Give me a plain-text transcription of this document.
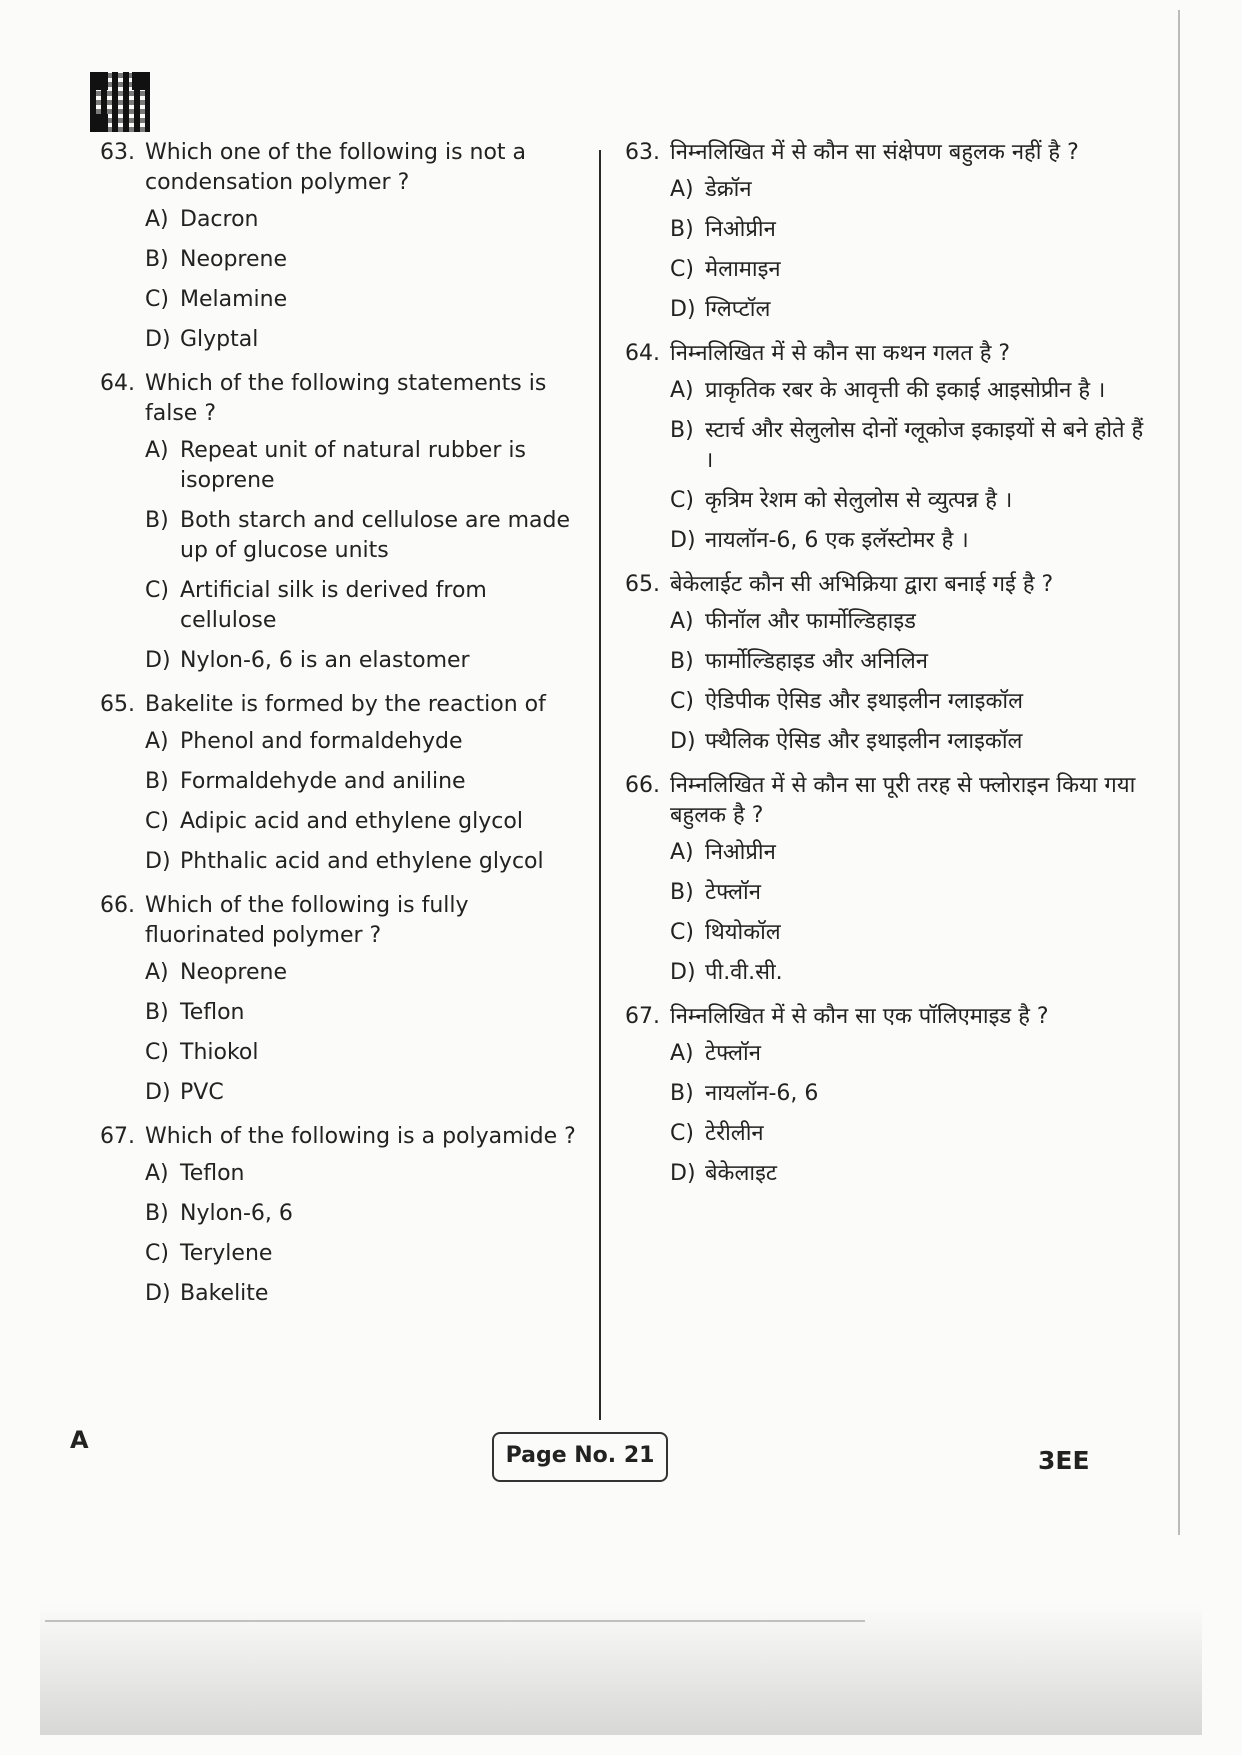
63. Which one of the following is not a condensation polymer ?
A) Dacron
B) Neoprene
C) Melamine
D) Glyptal
64. Which of the following statements is false ?
A) Repeat unit of natural rubber is isoprene
B) Both starch and cellulose are made up of glucose units
C) Artificial silk is derived from cellulose
D) Nylon-6, 6 is an elastomer
65. Bakelite is formed by the reaction of
A) Phenol and formaldehyde
B) Formaldehyde and aniline
C) Adipic acid and ethylene glycol
D) Phthalic acid and ethylene glycol
66. Which of the following is fully fluorinated polymer ?
A) Neoprene
B) Teflon
C) Thiokol
D) PVC
67. Which of the following is a polyamide ?
A) Teflon
B) Nylon-6, 6
C) Terylene
D) Bakelite
63. निम्नलिखित में से कौन सा संक्षेपण बहुलक नहीं है ?
A) डेक्रॉन
B) निओप्रीन
C) मेलामाइन
D) ग्लिप्टॉल
64. निम्नलिखित में से कौन सा कथन गलत है ?
A) प्राकृतिक रबर के आवृत्ती की इकाई आइसोप्रीन है ।
B) स्टार्च और सेलुलोस दोनों ग्लूकोज इकाइयों से बने होते हैं ।
C) कृत्रिम रेशम को सेलुलोस से व्युत्पन्न है ।
D) नायलॉन-6, 6 एक इलॅस्टोमर है ।
65. बेकेलाईट कौन सी अभिक्रिया द्वारा बनाई गई है ?
A) फीनॉल और फार्मोल्डिहाइड
B) फार्मोल्डिहाइड और अनिलिन
C) ऐडिपीक ऐसिड और इथाइलीन ग्लाइकॉल
D) फ्थैलिक ऐसिड और इथाइलीन ग्लाइकॉल
66. निम्नलिखित में से कौन सा पूरी तरह से फ्लोराइन किया गया बहुलक है ?
A) निओप्रीन
B) टेफ्लॉन
C) थियोकॉल
D) पी.वी.सी.
67. निम्नलिखित में से कौन सा एक पॉलिएमाइड है ?
A) टेफ्लॉन
B) नायलॉन-6, 6
C) टेरीलीन
D) बेकेलाइट
A
Page No. 21	3EE
